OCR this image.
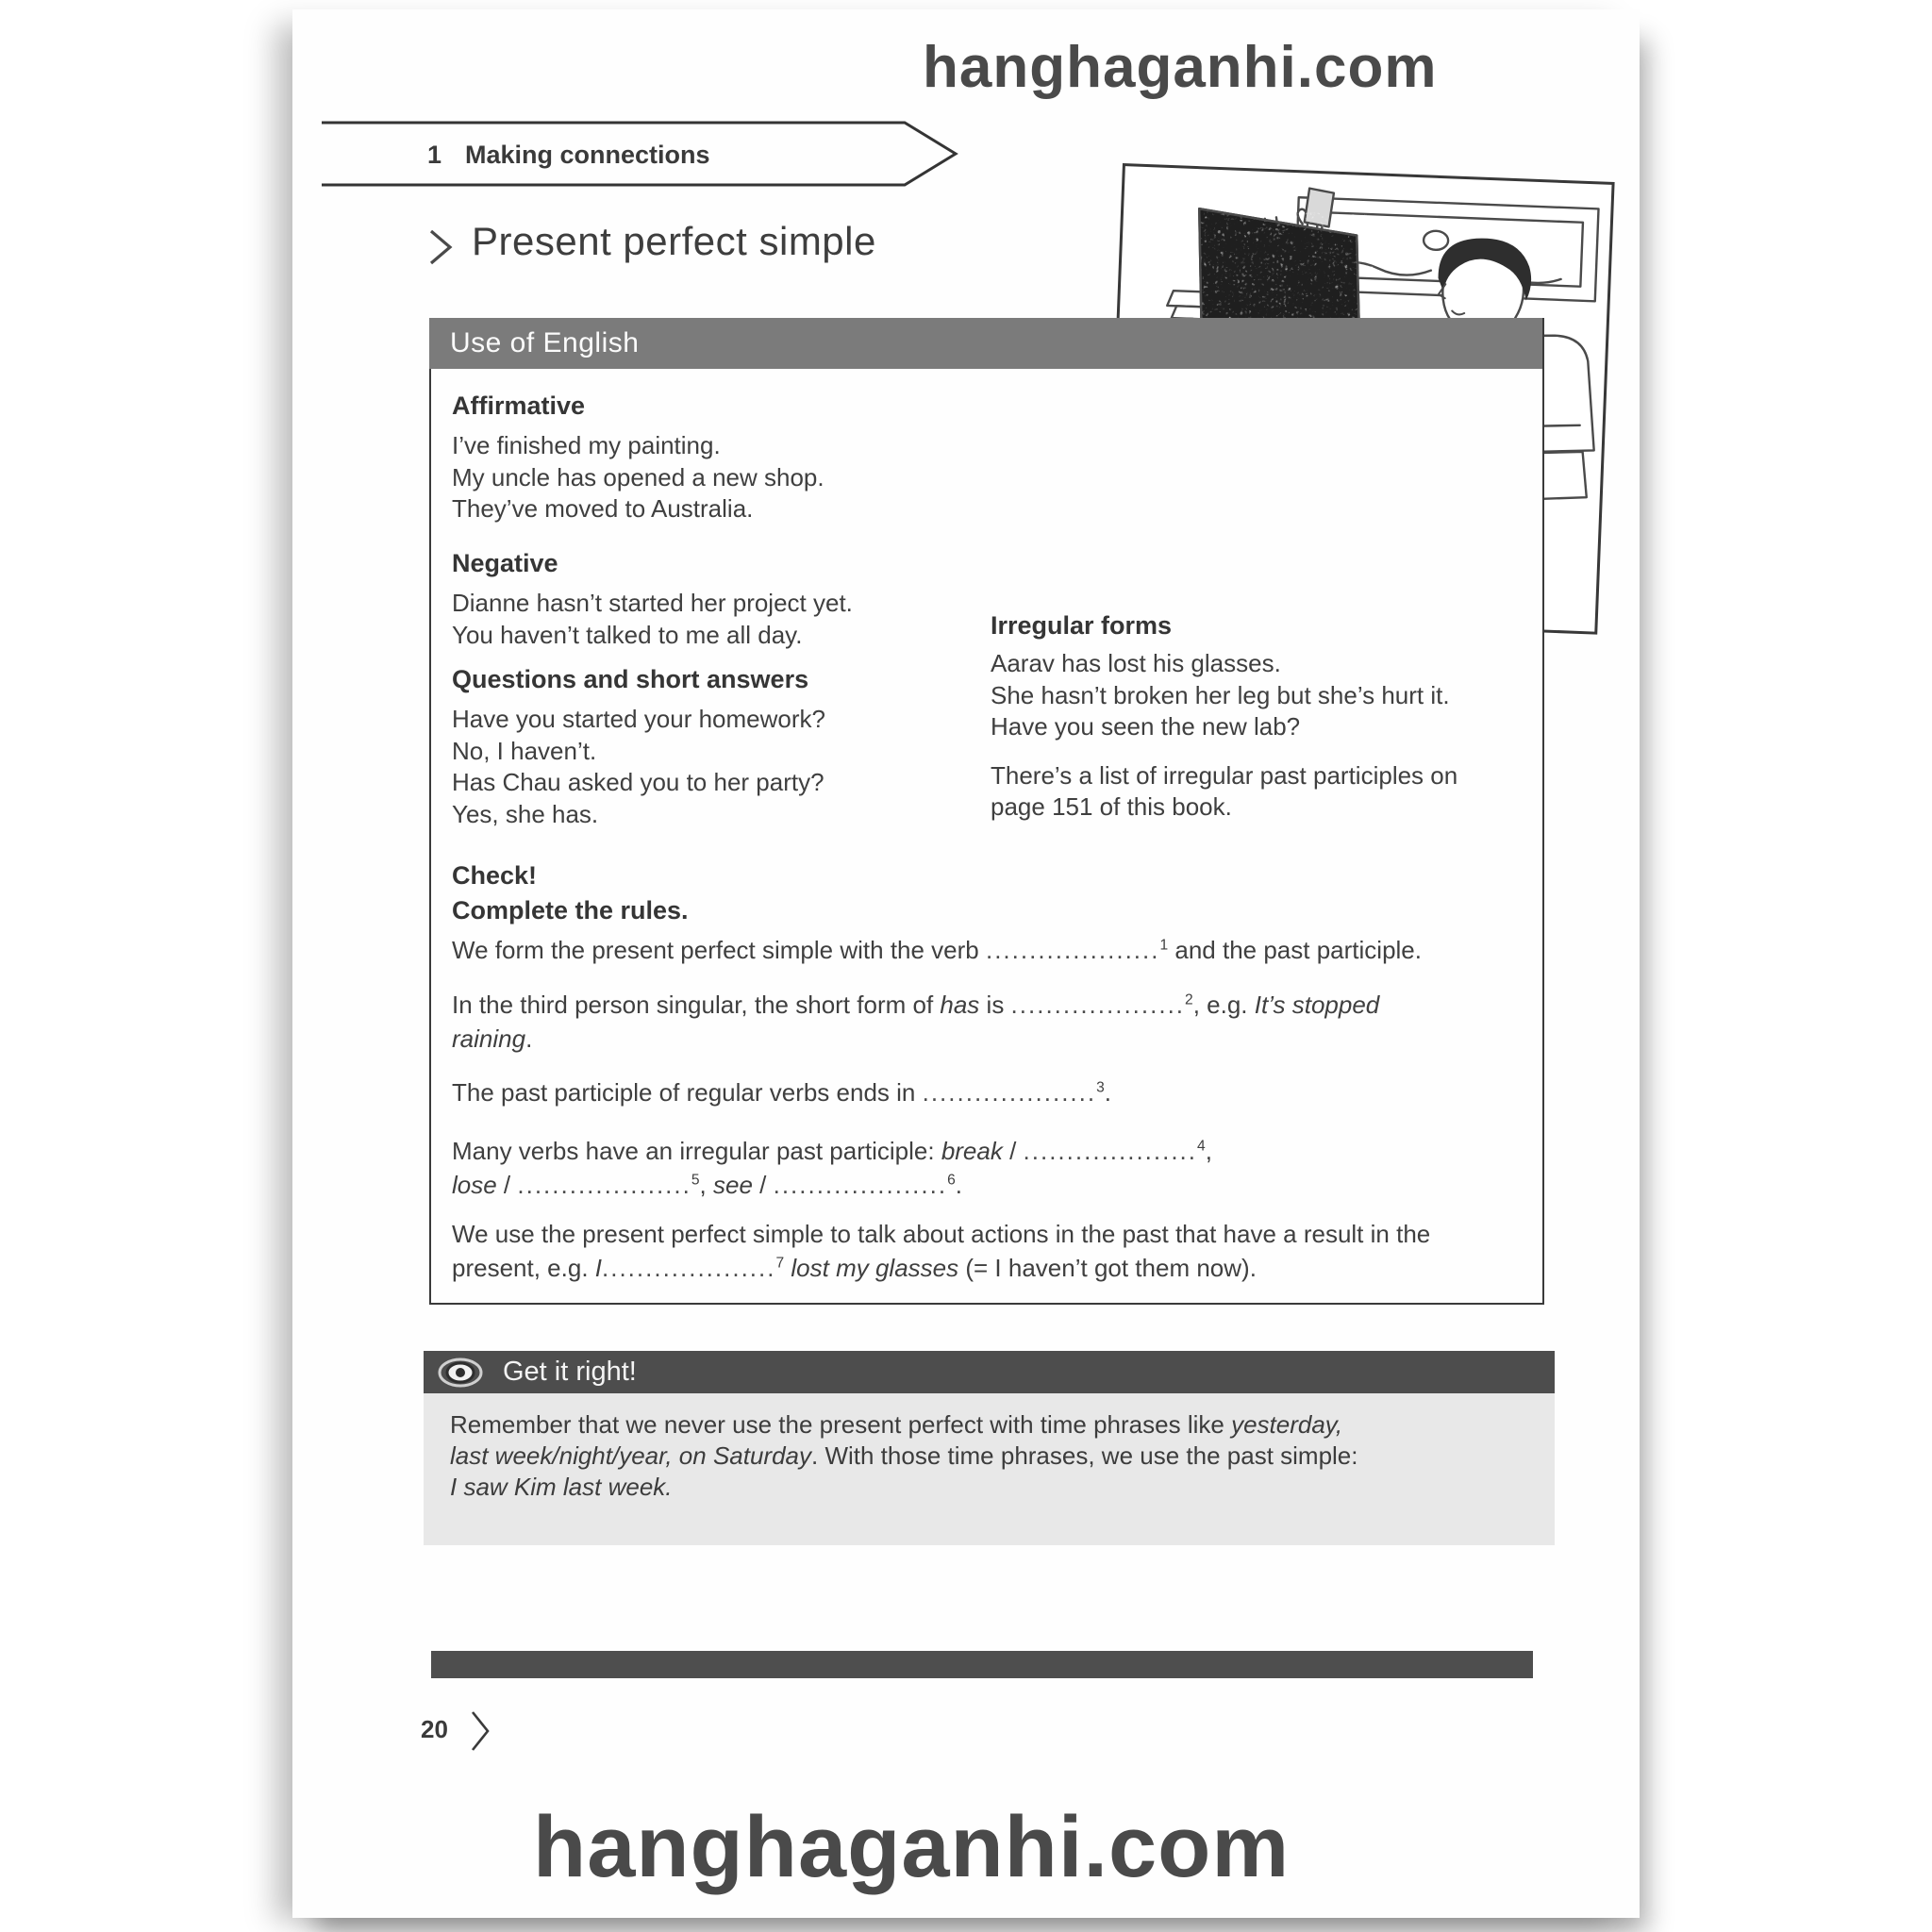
hanghaganhi.com
1 Making connections
Present perfect simple
Use of English
Affirmative
I’ve finished my painting.
My uncle has opened a new shop.
They’ve moved to Australia.
Negative
Dianne hasn’t started her project yet.
You haven’t talked to me all day.
Questions and short answers
Have you started your homework?
No, I haven’t.
Has Chau asked you to her party?
Yes, she has.
Irregular forms
Aarav has lost his glasses.
She hasn’t broken her leg but she’s hurt it.
Have you seen the new lab?
There’s a list of irregular past participles on
page 151 of this book.
Check!
Complete the rules.

We form the present perfect simple with the verb ....................$^1$ and the past participle.

In the third person singular, the short form of has is ....................$^2$, e.g. It’s stopped
raining.

The past participle of regular verbs ends in ....................$^3$.

Many verbs have an irregular past participle: break / ....................$^4$,
lose / ....................$^5$, see / ....................$^6$.

We use the present perfect simple to talk about actions in the past that have a result in the
present, e.g. I....................$^7$ lost my glasses (= I haven’t got them now).

Get it right!
Remember that we never use the present perfect with time phrases like yesterday,
last week/night/year, on Saturday. With those time phrases, we use the past simple:
I saw Kim last week.
20
hanghaganhi.com
